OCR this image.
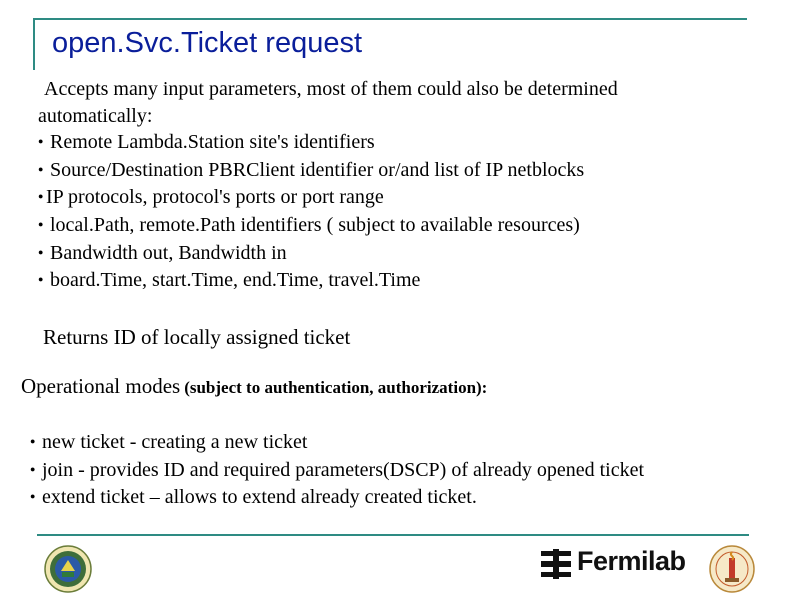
open.Svc.Ticket request
Accepts many input parameters, most of them could also be determined
automatically:
● Remote Lambda.Station site's identifiers
● Source/Destination PBRClient identifier or/and list of IP netblocks
● IP protocols, protocol's ports or port range
● local.Path, remote.Path identifiers ( subject to available resources)
● Bandwidth out, Bandwidth in
● board.Time, start.Time, end.Time, travel.Time
Returns ID of locally assigned ticket
Operational modes (subject to authentication, authorization):
● new ticket - creating a new ticket
● join - provides ID and required parameters(DSCP) of already opened ticket
● extend ticket – allows to extend already created ticket.
Fermilab
